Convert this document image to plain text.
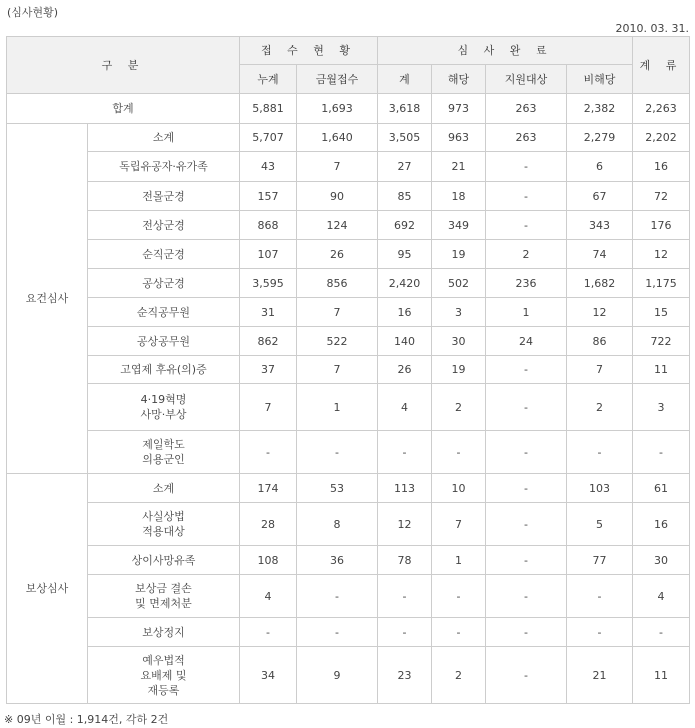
(심사현황)
2010. 03. 31.
구 분		접 수 현 황		심 사 완 료				계 류
		누계	금월접수	계	해당	지원대상	비해당	
합계		5,881	1,693	3,618	973	263	2,382	2,263
요건심사	소계	5,707	1,640	3,505	963	263	2,279	2,202
	독립유공자·유가족	43	7	27	21	-	6	16
	전몰군경	157	90	85	18	-	67	72
	전상군경	868	124	692	349	-	343	176
	순직군경	107	26	95	19	2	74	12
	공상군경	3,595	856	2,420	502	236	1,682	1,175
	순직공무원	31	7	16	3	1	12	15
	공상공무원	862	522	140	30	24	86	722
	고엽제 후유(의)증	37	7	26	19	-	7	11
	4·19혁명
사망·부상	7	1	4	2	-	2	3
	제일학도
의용군인	-	-	-	-	-	-	-
보상심사	소계	174	53	113	10	-	103	61
	사실상법
적용대상	28	8	12	7	-	5	16
	상이사망유족	108	36	78	1	-	77	30
	보상금 결손
및 면제처분	4	-	-	-	-	-	4
	보상정지	-	-	-	-	-	-	-
	예우법적
요배제 및
재등록	34	9	23	2	-	21	11
※ 09년 이월 : 1,914건, 각하 2건
